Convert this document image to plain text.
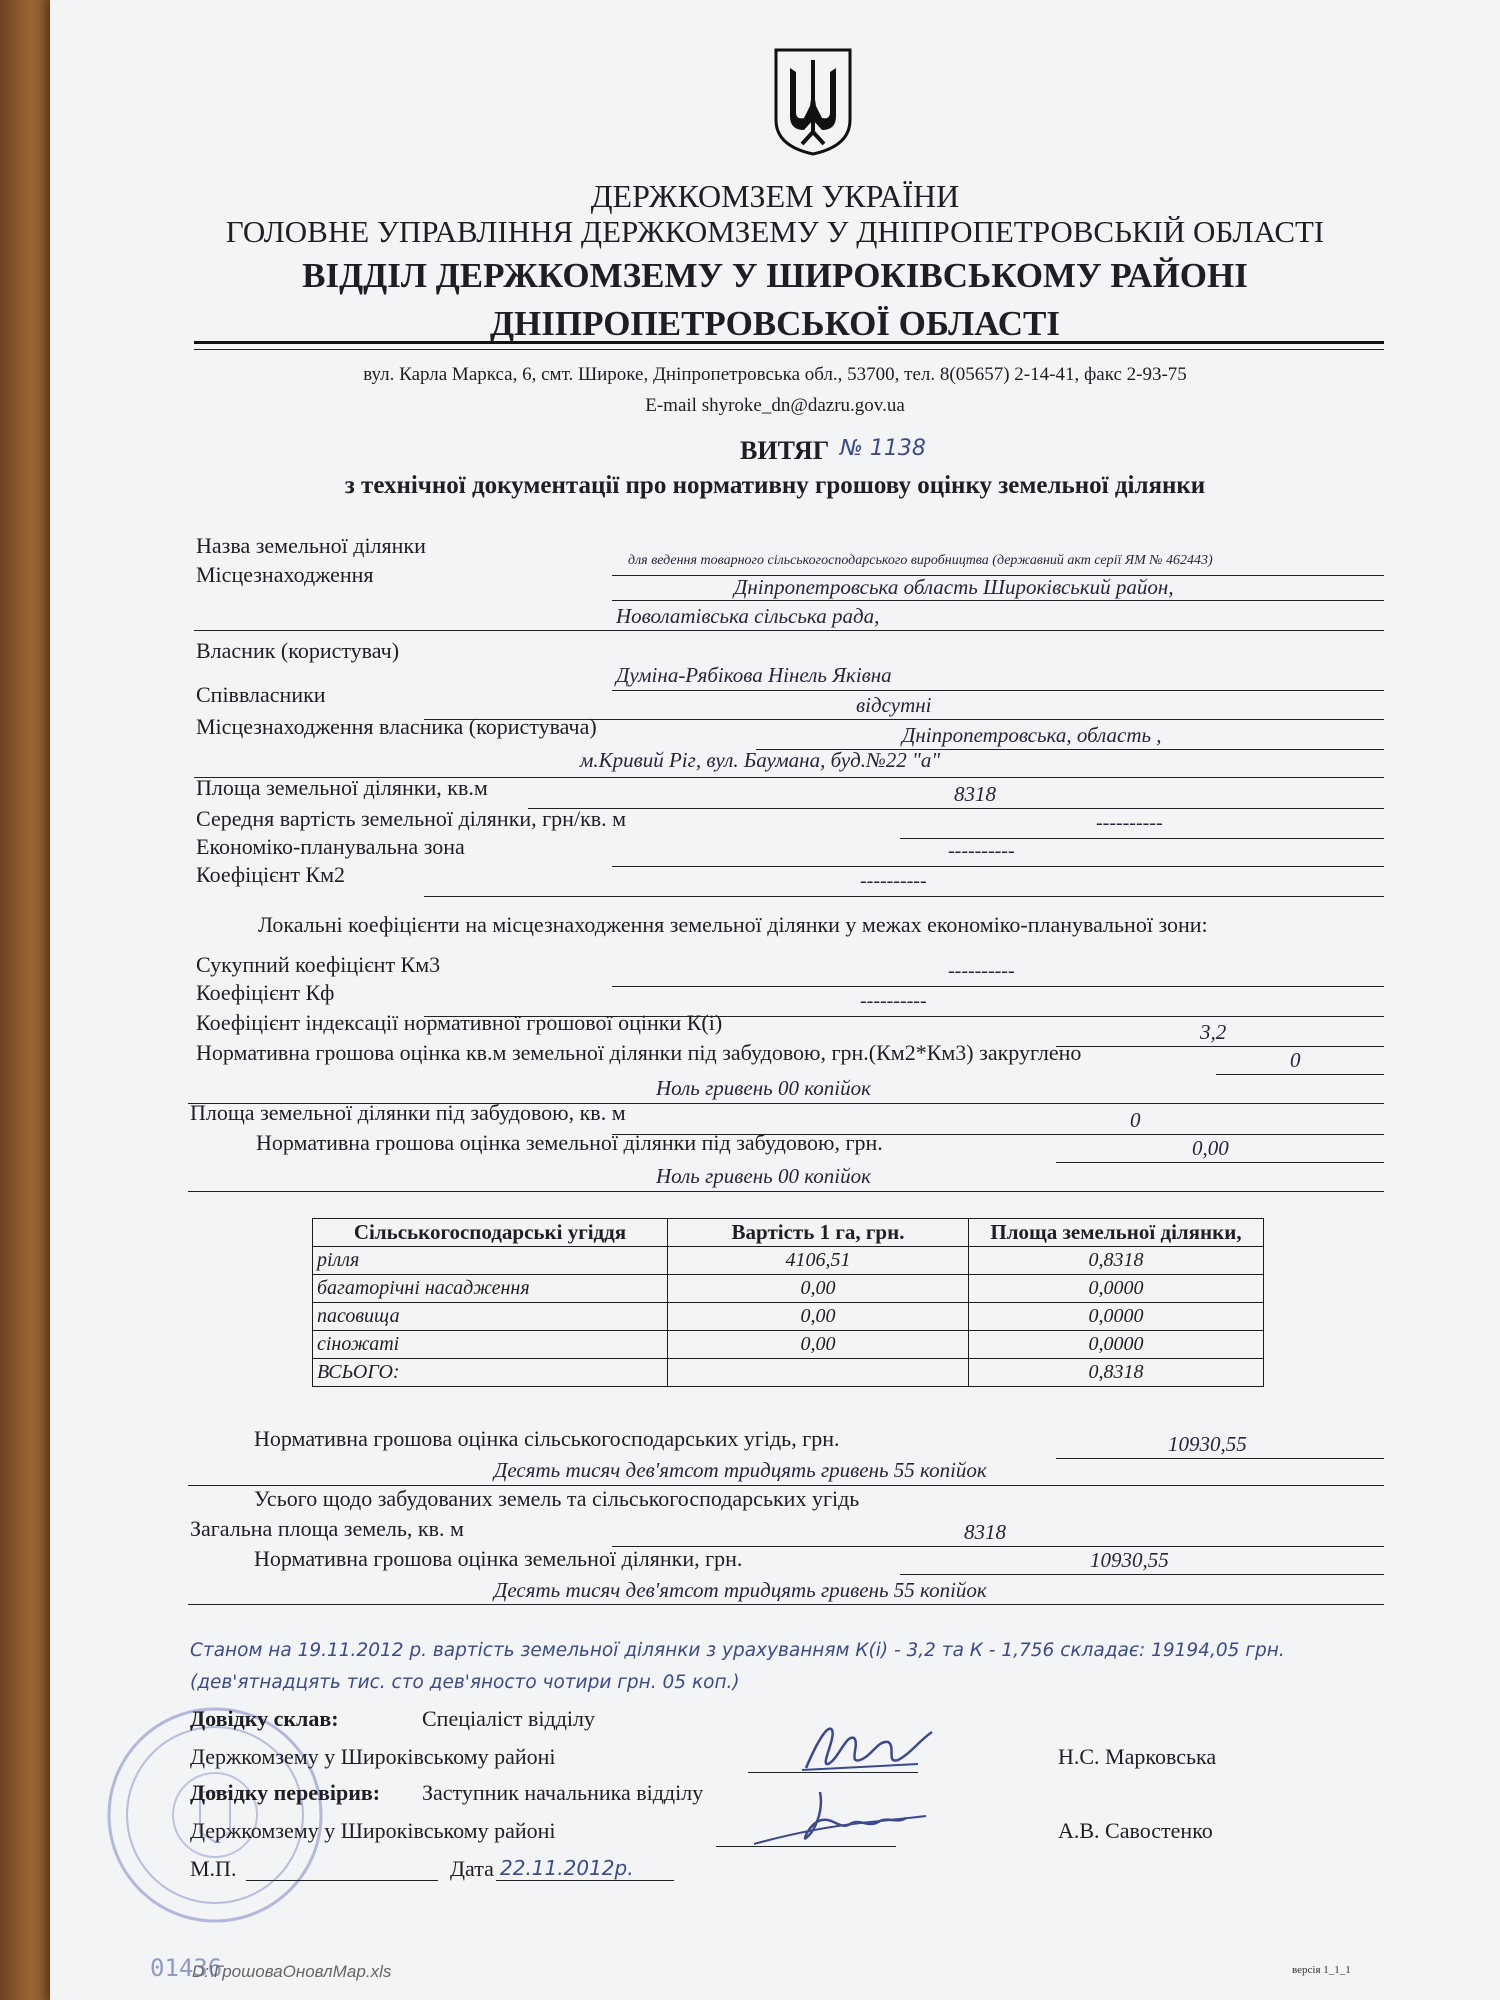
ДЕРЖКОМЗЕМ УКРАЇНИ
ГОЛОВНЕ УПРАВЛІННЯ ДЕРЖКОМЗЕМУ У ДНІПРОПЕТРОВСЬКІЙ ОБЛАСТІ
ВІДДІЛ ДЕРЖКОМЗЕМУ У ШИРОКІВСЬКОМУ РАЙОНІ
ДНІПРОПЕТРОВСЬКОЇ ОБЛАСТІ
вул. Карла Маркса, 6, смт. Широке, Дніпропетровська обл., 53700, тел. 8(05657) 2-14-41, факс 2-93-75
E-mail shyroke_dn@dazru.gov.ua
ВИТЯГ № 1138
з технічної документації про нормативну грошову оцінку земельної ділянки
Назва земельної ділянки
для ведення товарного сільськогосподарського виробництва (державний акт серії ЯМ № 462443)
Місцезнаходження	Дніпропетровська область Широківський район,
Новолатівська сільська рада,
Власник (користувач)
Думіна-Рябікова Нінель Яківна
Співвласники	відсутні
Місцезнаходження власника (користувача)	Дніпропетровська, область ,
м.Кривий Ріг, вул. Баумана, буд.№22 "а"
Площа земельної ділянки, кв.м	8318
Середня вартість земельної ділянки, грн/кв. м	----------
Економіко-планувальна зона	----------
Коефіцієнт Км2	----------
Локальні коефіцієнти на місцезнаходження земельної ділянки у межах економіко-планувальної зони:
Сукупний коефіцієнт Км3	----------
Коефіцієнт Кф	----------
Коефіцієнт індексації нормативної грошової оцінки К(і)	3,2
Нормативна грошова оцінка кв.м земельної ділянки під забудовою, грн.(Км2*Км3) закруглено	0
Ноль гривень 00 копійок
Площа земельної ділянки під забудовою, кв. м	0
Нормативна грошова оцінка земельної ділянки під забудовою, грн.	0,00
Ноль гривень 00 копійок
Сільськогосподарські угіддя	Вартість 1 га, грн.	Площа земельної ділянки,
рілля	4106,51	0,8318
багаторічні насадження	0,00	0,0000
пасовища	0,00	0,0000
сіножаті	0,00	0,0000
ВСЬОГО:		0,8318
Нормативна грошова оцінка сільськогосподарських угідь, грн.	10930,55
Десять тисяч дев'ятсот тридцять гривень 55 копійок
Усього щодо забудованих земель та сільськогосподарських угідь
Загальна площа земель, кв. м	8318
Нормативна грошова оцінка земельної ділянки, грн.	10930,55
Десять тисяч дев'ятсот тридцять гривень 55 копійок
Станом на 19.11.2012 р. вартість земельної ділянки з урахуванням К(і) - 3,2 та К - 1,756 складає: 19194,05 грн.
(дев'ятнадцять тис. сто дев'яносто чотири грн. 05 коп.)
Довідку склав:	Спеціаліст відділу
Держкомзему у Широківському районі	Н.С. Марковська
Довідку перевірив: Заступник начальника відділу
Держкомзему у Широківському районі	А.В. Савостенко
М.П.	Дата 22.11.2012р.
01436
D:\ГрошоваОновлМар.xls	версія 1_1_1
